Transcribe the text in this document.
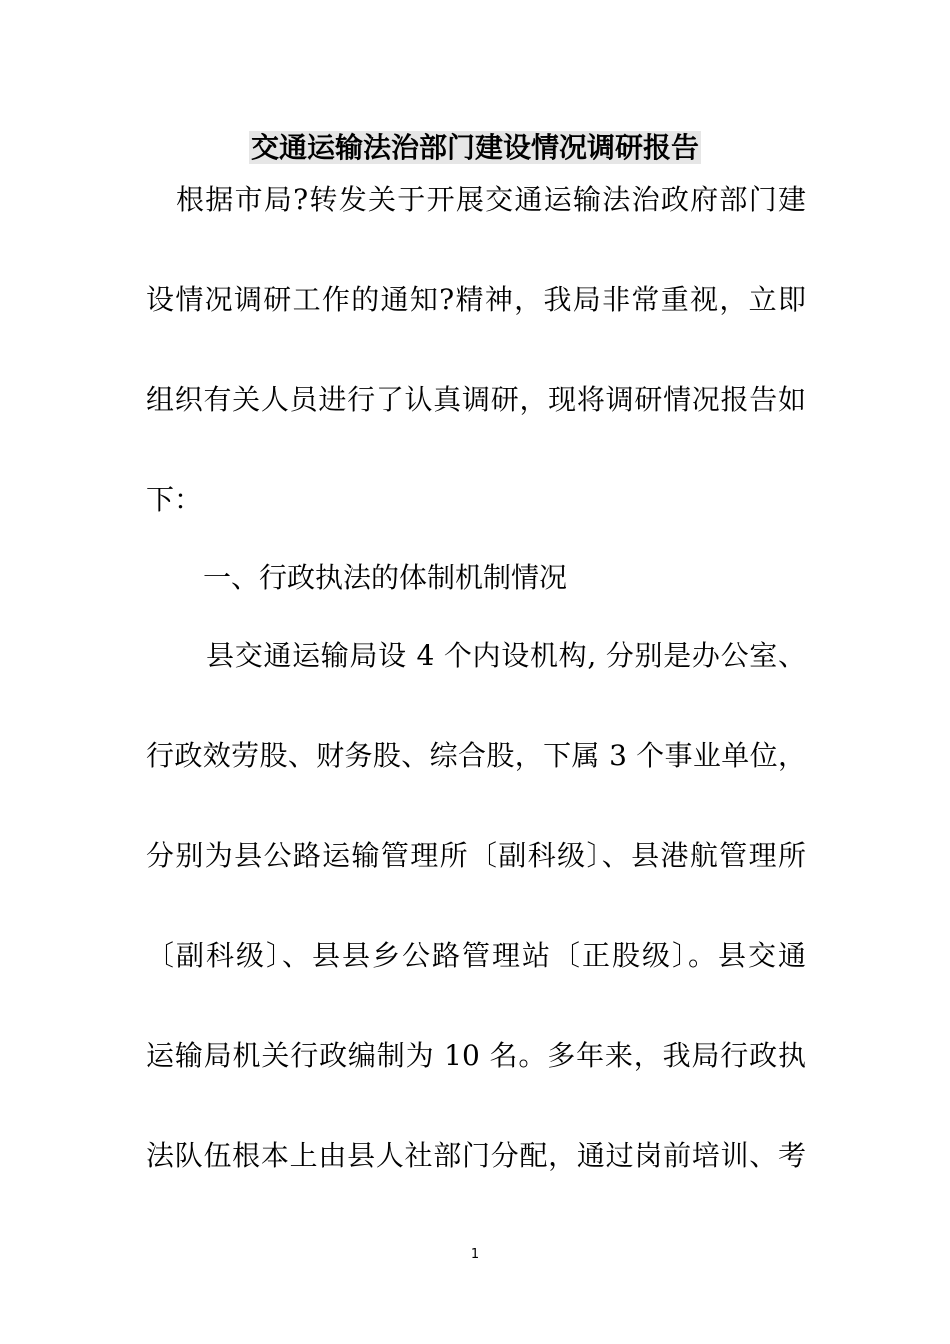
交通运输法治部门建设情况调研报告
根据市局?转发关于开展交通运输法治政府部门建
设情况调研工作的通知?精神，我局非常重视，立即
组织有关人员进行了认真调研，现将调研情况报告如
下：
一、行政执法的体制机制情况
县交通运输局设 4 个内设机构, 分别是办公室、
行政效劳股、财务股、综合股，下属 3 个事业单位，
分别为县公路运输管理所〔副科级〕、县港航管理所
〔副科级〕、县县乡公路管理站〔正股级〕。县交通
运输局机关行政编制为 10 名。多年来，我局行政执
法队伍根本上由县人社部门分配，通过岗前培训、考
1
